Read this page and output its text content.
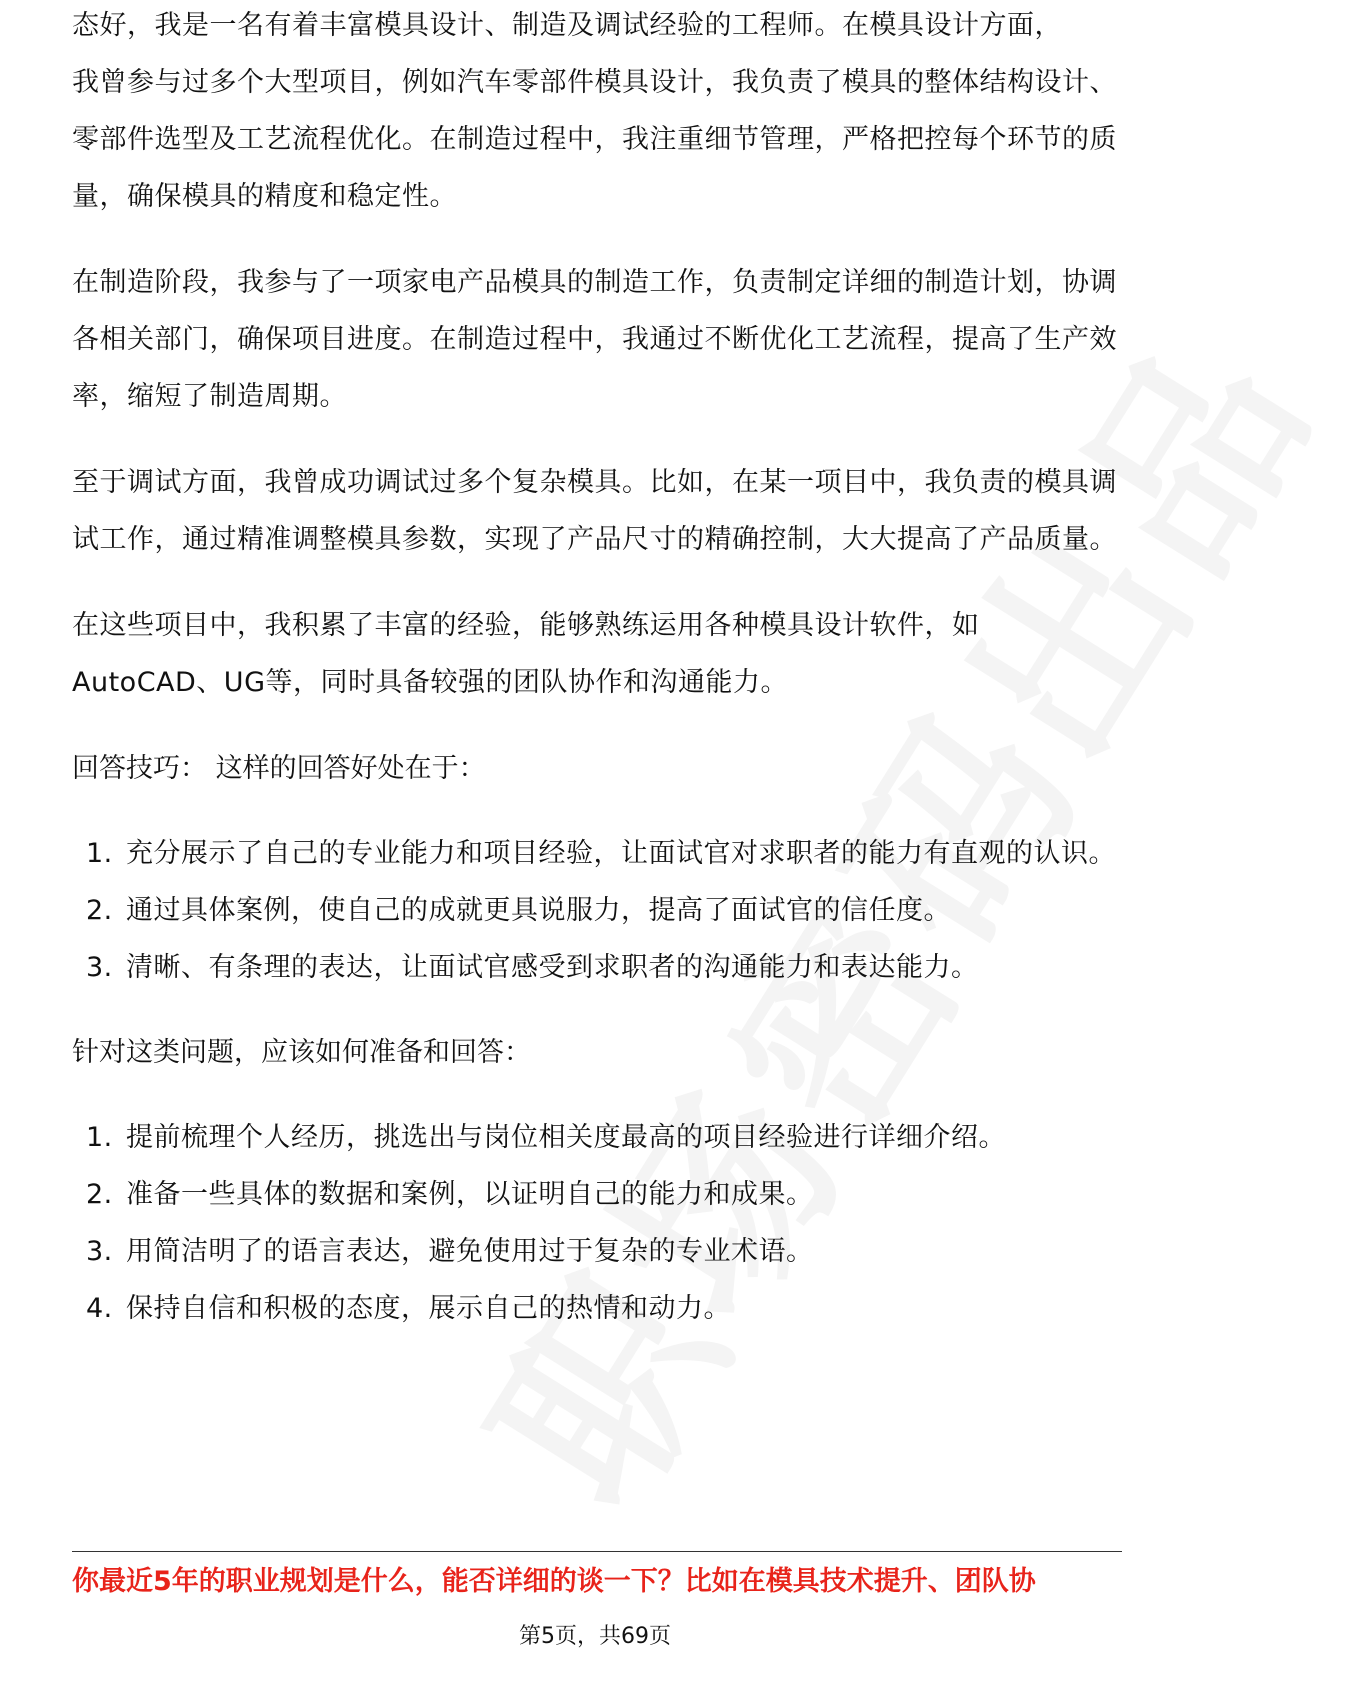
态好，我是一名有着丰富模具设计、制造及调试经验的工程师。在模具设计方面，
我曾参与过多个大型项目，例如汽车零部件模具设计，我负责了模具的整体结构设计、零部件选型及工艺流程优化。在制造过程中，我注重细节管理，严格把控每个环节的质量，确保模具的精度和稳定性。
在制造阶段，我参与了一项家电产品模具的制造工作，负责制定详细的制造计划，协调各相关部门，确保项目进度。在制造过程中，我通过不断优化工艺流程，提高了生产效率，缩短了制造周期。
至于调试方面，我曾成功调试过多个复杂模具。比如，在某一项目中，我负责的模具调试工作，通过精准调整模具参数，实现了产品尺寸的精确控制，大大提高了产品质量。
在这些项目中，我积累了丰富的经验，能够熟练运用各种模具设计软件，如AutoCAD、UG等，同时具备较强的团队协作和沟通能力。
回答技巧： 这样的回答好处在于：
1. 充分展示了自己的专业能力和项目经验，让面试官对求职者的能力有直观的认识。
2. 通过具体案例，使自己的成就更具说服力，提高了面试官的信任度。
3. 清晰、有条理的表达，让面试官感受到求职者的沟通能力和表达能力。
针对这类问题，应该如何准备和回答：
1. 提前梳理个人经历，挑选出与岗位相关度最高的项目经验进行详细介绍。
2. 准备一些具体的数据和案例，以证明自己的能力和成果。
3. 用简洁明了的语言表达，避免使用过于复杂的专业术语。
4. 保持自信和积极的态度，展示自己的热情和动力。
你最近5年的职业规划是什么，能否详细的谈一下？比如在模具技术提升、团队协
第5页，共69页
